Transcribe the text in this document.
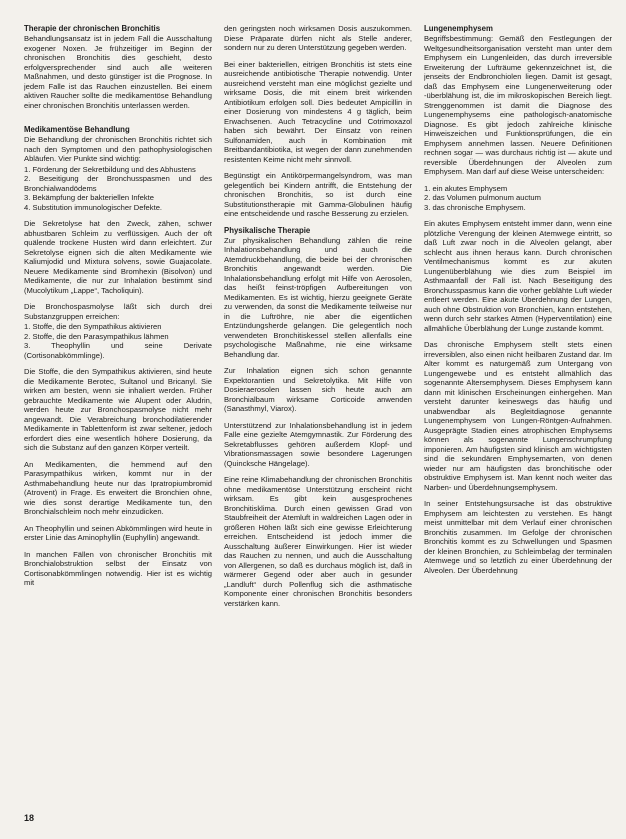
Therapie der chronischen Bronchitis

Behandlungsansatz ist in jedem Fall die Ausschaltung exogener Noxen. Je frühzeitiger im Beginn der chronischen Bronchitis dies geschieht, desto erfolgversprechender sind auch alle weiteren Maßnahmen, und desto günstiger ist die Prognose. In jedem Falle ist das Rauchen einzustellen. Bei einem aktiven Raucher sollte die medikamentöse Behandlung einer chronischen Bronchitis unterlassen werden.

Medikamentöse Behandlung

Die Behandlung der chronischen Bronchitis richtet sich nach den Symptomen und den pathophysiologischen Abläufen. Vier Punkte sind wichtig:

1. Förderung der Sekretbildung und des Abhustens
2. Beseitigung der Bronchusspasmen und des Bronchialwandödems
3. Bekämpfung der bakteriellen Infekte
4. Substitution immunologischer Defekte.

Die Sekretolyse hat den Zweck, zähen, schwer abhustbaren Schleim zu verflüssigen. Auch der oft quälende trockene Husten wird dann erleichtert. Zur Sekretolyse eignen sich die alten Medikamente wie Kaliumjodid und Mixtura solvens, sowie Guajacolate. Neuere Medikamente sind Bromhexin (Bisolvon) und Medikamente, die nur zur Inhalation bestimmt sind (Mucolytikum „Lappe“, Tacholiquin).

Die Bronchospasmolyse läßt sich durch drei Substanzgruppen erreichen:

1. Stoffe, die den Sympathikus aktivieren
2. Stoffe, die den Parasympathikus lähmen
3. Theophyllin und seine Derivate (Cortisonabkömmlinge).

Die Stoffe, die den Sympathikus aktivieren, sind heute die Medikamente Berotec, Sultanol und Bricanyl. Sie wirken am besten, wenn sie inhaliert werden. Früher gebrauchte Medikamente wie Alupent oder Aludrin, werden heute zur Bronchospasmolyse nicht mehr angewandt. Die Verabreichung bronchodilatierender Medikamente in Tablettenform ist zwar seltener, jedoch erfordert dies eine wesentlich höhere Dosierung, da sich die Substanz auf den ganzen Körper verteilt.

An Medikamenten, die hemmend auf den Parasympathikus wirken, kommt nur in der Asthmabehandlung heute nur das Ipratropiumbromid (Atrovent) in Frage. Es erweitert die Bronchien ohne, wie dies sonst derartige Medikamente tun, den Bronchialschleim noch mehr einzudicken.

An Theophyllin und seinen Abkömmlingen wird heute in erster Linie das Aminophyllin (Euphyllin) angewandt.

In manchen Fällen von chronischer Bronchitis mit Bronchialobstruktion selbst der Einsatz von Cortisonabkömmlingen notwendig. Hier ist es wichtig mit

den geringsten noch wirksamen Dosis auszukommen. Diese Präparate dürfen nicht als Stelle anderer, sondern nur zu deren Unterstützung gegeben werden.

Bei einer bakteriellen, eitrigen Bronchitis ist stets eine ausreichende antibiotische Therapie notwendig. Unter ausreichend versteht man eine möglichst gezielte und wirksame Dosis, die mit einem breit wirkenden Antibiotikum erfolgen soll. Dies bedeutet Ampicillin in einer Dosierung von mindestens 4 g täglich, beim Erwachsenen. Auch Tetracycline und Cotrimoxazol haben sich bewährt. Der Einsatz von reinen Sulfonamiden, auch in Kombination mit Breitbandantibiotika, ist wegen der dann zunehmenden resistenten Keime nicht mehr sinnvoll.

Begünstigt ein Antikörpermangelsyndrom, was man gelegentlich bei Kindern antrifft, die Entstehung der chronischen Bronchitis, so ist durch eine Substitutionstherapie mit Gamma-Globulinen häufig eine entscheidende und rasche Besserung zu erzielen.

Physikalische Therapie

Zur physikalischen Behandlung zählen die reine Inhalationsbehandlung und auch die Atemdruckbehandlung, die beide bei der chronischen Bronchitis angewandt werden. Die Inhalationsbehandlung erfolgt mit Hilfe von Aerosolen, das heißt feinst-tröpfigen Aufbereitungen von Medikamenten. Es ist wichtig, hierzu geeignete Geräte zu verwenden, da sonst die Medikamente teilweise nur in die Luftröhre, nie aber die eigentlichen Entzündungsherde gelangen. Die gelegentlich noch verwendeten Bronchitiskessel stellen allenfalls eine psychologische Maßnahme, nie eine wirksame Behandlung dar.

Zur Inhalation eignen sich schon genannte Expektorantien und Sekretolytika. Mit Hilfe von Dosieraerosolen lassen sich heute auch am Bronchialbaum wirksame Corticoide anwenden (Sanasthmyl, Viarox).

Unterstützend zur Inhalationsbehandlung ist in jedem Falle eine gezielte Atemgymnastik. Zur Förderung des Sekretabflusses gehören außerdem Klopf- und Vibrationsmassagen sowie besondere Lagerungen (Quincksche Hängelage).

Eine reine Klimabehandlung der chronischen Bronchitis ohne medikamentöse Unterstützung erscheint nicht wirksam. Es gibt kein ausgesprochenes Bronchitisklima. Durch einen gewissen Grad von Staubfreiheit der Atemluft in waldreichen Lagen oder in größeren Höhen läßt sich eine gewisse Erleichterung erreichen. Entscheidend ist jedoch immer die Ausschaltung äußerer Einwirkungen. Hier ist wieder das Rauchen zu nennen, und auch die Ausschaltung von Allergenen, so daß es durchaus möglich ist, daß in wärmerer Gegend oder aber auch in gesunder „Landluft“ durch Pollenflug sich die asthmatische Komponente einer chronischen Bronchitis besonders verstärken kann.

Lungenemphysem

Begriffsbestimmung: Gemäß den Festlegungen der Weltgesundheitsorganisation versteht man unter dem Emphysem ein Lungenleiden, das durch irreversible Erweiterung der Lufträume gekennzeichnet ist, die jenseits der Endbronchiolen liegen. Damit ist gesagt, daß das Emphysem eine Lungenerweiterung oder -überblähung ist, die im mikroskopischen Bereich liegt. Strenggenommen ist damit die Diagnose des Lungenemphysems eine pathologisch-anatomische Diagnose. Es gibt jedoch zahlreiche klinische Hinweiszeichen und Funktionsprüfungen, die ein Emphysem annehmen lassen. Neuere Definitionen rechnen sogar — was durchaus richtig ist — akute und reversible Überdehnungen der Alveolen zum Emphysem. Man darf auf diese Weise unterscheiden:

1. ein akutes Emphysem
2. das Volumen pulmonum auctum
3. das chronische Emphysem.

Ein akutes Emphysem entsteht immer dann, wenn eine plötzliche Verengung der kleinen Atemwege eintritt, so daß Luft zwar noch in die Alveolen gelangt, aber schlecht aus ihnen heraus kann. Durch chronischen Ventilmechanismus kommt es zur akuten Lungenüberblähung wie dies zum Beispiel im Asthmaanfall der Fall ist. Nach Beseitigung des Bronchusspasmus kann die vorher geblähte Luft wieder entleert werden. Eine akute Überdehnung der Lungen, auch ohne Obstruktion von Bronchien, kann entstehen, wenn durch sehr starkes Atmen (Hyperventilation) eine allmähliche Überblähung der Lunge zustande kommt.

Das chronische Emphysem stellt stets einen irreversiblen, also einen nicht heilbaren Zustand dar. Im Alter kommt es naturgemäß zum Untergang von Lungengewebe und es entsteht allmählich das sogenannte Altersemphysem. Dieses Emphysem kann dann mit klinischen Erscheinungen einhergehen. Man versteht darunter keineswegs das häufig und unabwendbar als Begleitdiagnose genannte Lungenemphysem von Lungen-Röntgen-Aufnahmen. Ausgeprägte Stadien eines atrophischen Emphysems können als sogenannte Lungenschrumpfung imponieren. Am häufigsten sind klinisch am wichtigsten sind die sekundären Emphysemarten, von denen wieder nur am häufigsten das bronchitische oder obstruktive Emphysem ist. Man kennt noch weiter das Narben- und Überdehnungsemphysem.

In seiner Entstehungsursache ist das obstruktive Emphysem am leichtesten zu verstehen. Es hängt meist unmittelbar mit dem Verlauf einer chronischen Bronchitis zusammen. Im Gefolge der chronischen Bronchitis kommt es zu Schwellungen und Spasmen der kleinen Bronchien, zu Schleimbelag der terminalen Atemwege und so letztlich zu einer Überdehnung der Alveolen. Der Überdehnung

18
